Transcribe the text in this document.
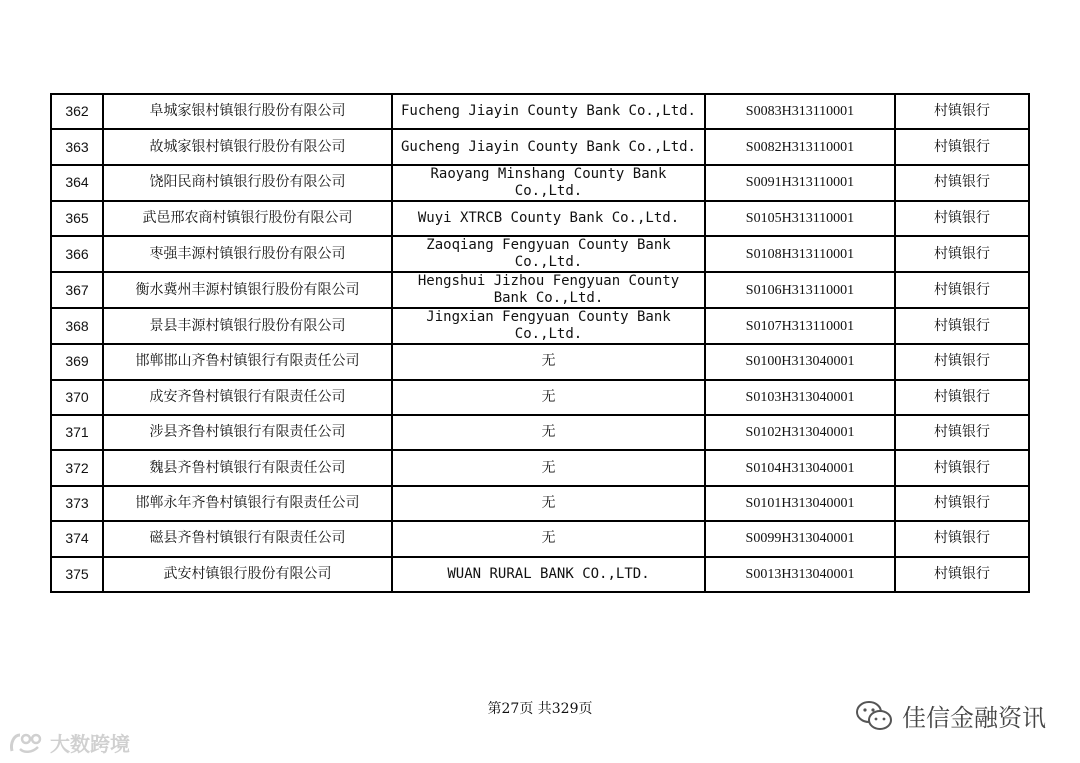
362	阜城家银村镇银行股份有限公司	Fucheng Jiayin County Bank Co.,Ltd.	S0083H313110001	村镇银行
363	故城家银村镇银行股份有限公司	Gucheng Jiayin County Bank Co.,Ltd.	S0082H313110001	村镇银行
364	饶阳民商村镇银行股份有限公司	Raoyang Minshang County Bank Co.,Ltd.	S0091H313110001	村镇银行
365	武邑邢农商村镇银行股份有限公司	Wuyi XTRCB County Bank Co.,Ltd.	S0105H313110001	村镇银行
366	枣强丰源村镇银行股份有限公司	Zaoqiang Fengyuan County Bank Co.,Ltd.	S0108H313110001	村镇银行
367	衡水冀州丰源村镇银行股份有限公司	Hengshui Jizhou Fengyuan County Bank Co.,Ltd.	S0106H313110001	村镇银行
368	景县丰源村镇银行股份有限公司	Jingxian Fengyuan County Bank Co.,Ltd.	S0107H313110001	村镇银行
369	邯郸邯山齐鲁村镇银行有限责任公司	无	S0100H313040001	村镇银行
370	成安齐鲁村镇银行有限责任公司	无	S0103H313040001	村镇银行
371	涉县齐鲁村镇银行有限责任公司	无	S0102H313040001	村镇银行
372	魏县齐鲁村镇银行有限责任公司	无	S0104H313040001	村镇银行
373	邯郸永年齐鲁村镇银行有限责任公司	无	S0101H313040001	村镇银行
374	磁县齐鲁村镇银行有限责任公司	无	S0099H313040001	村镇银行
375	武安村镇银行股份有限公司	WUAN RURAL BANK CO.,LTD.	S0013H313040001	村镇银行
第27页 共329页
大数跨境
佳信金融资讯
